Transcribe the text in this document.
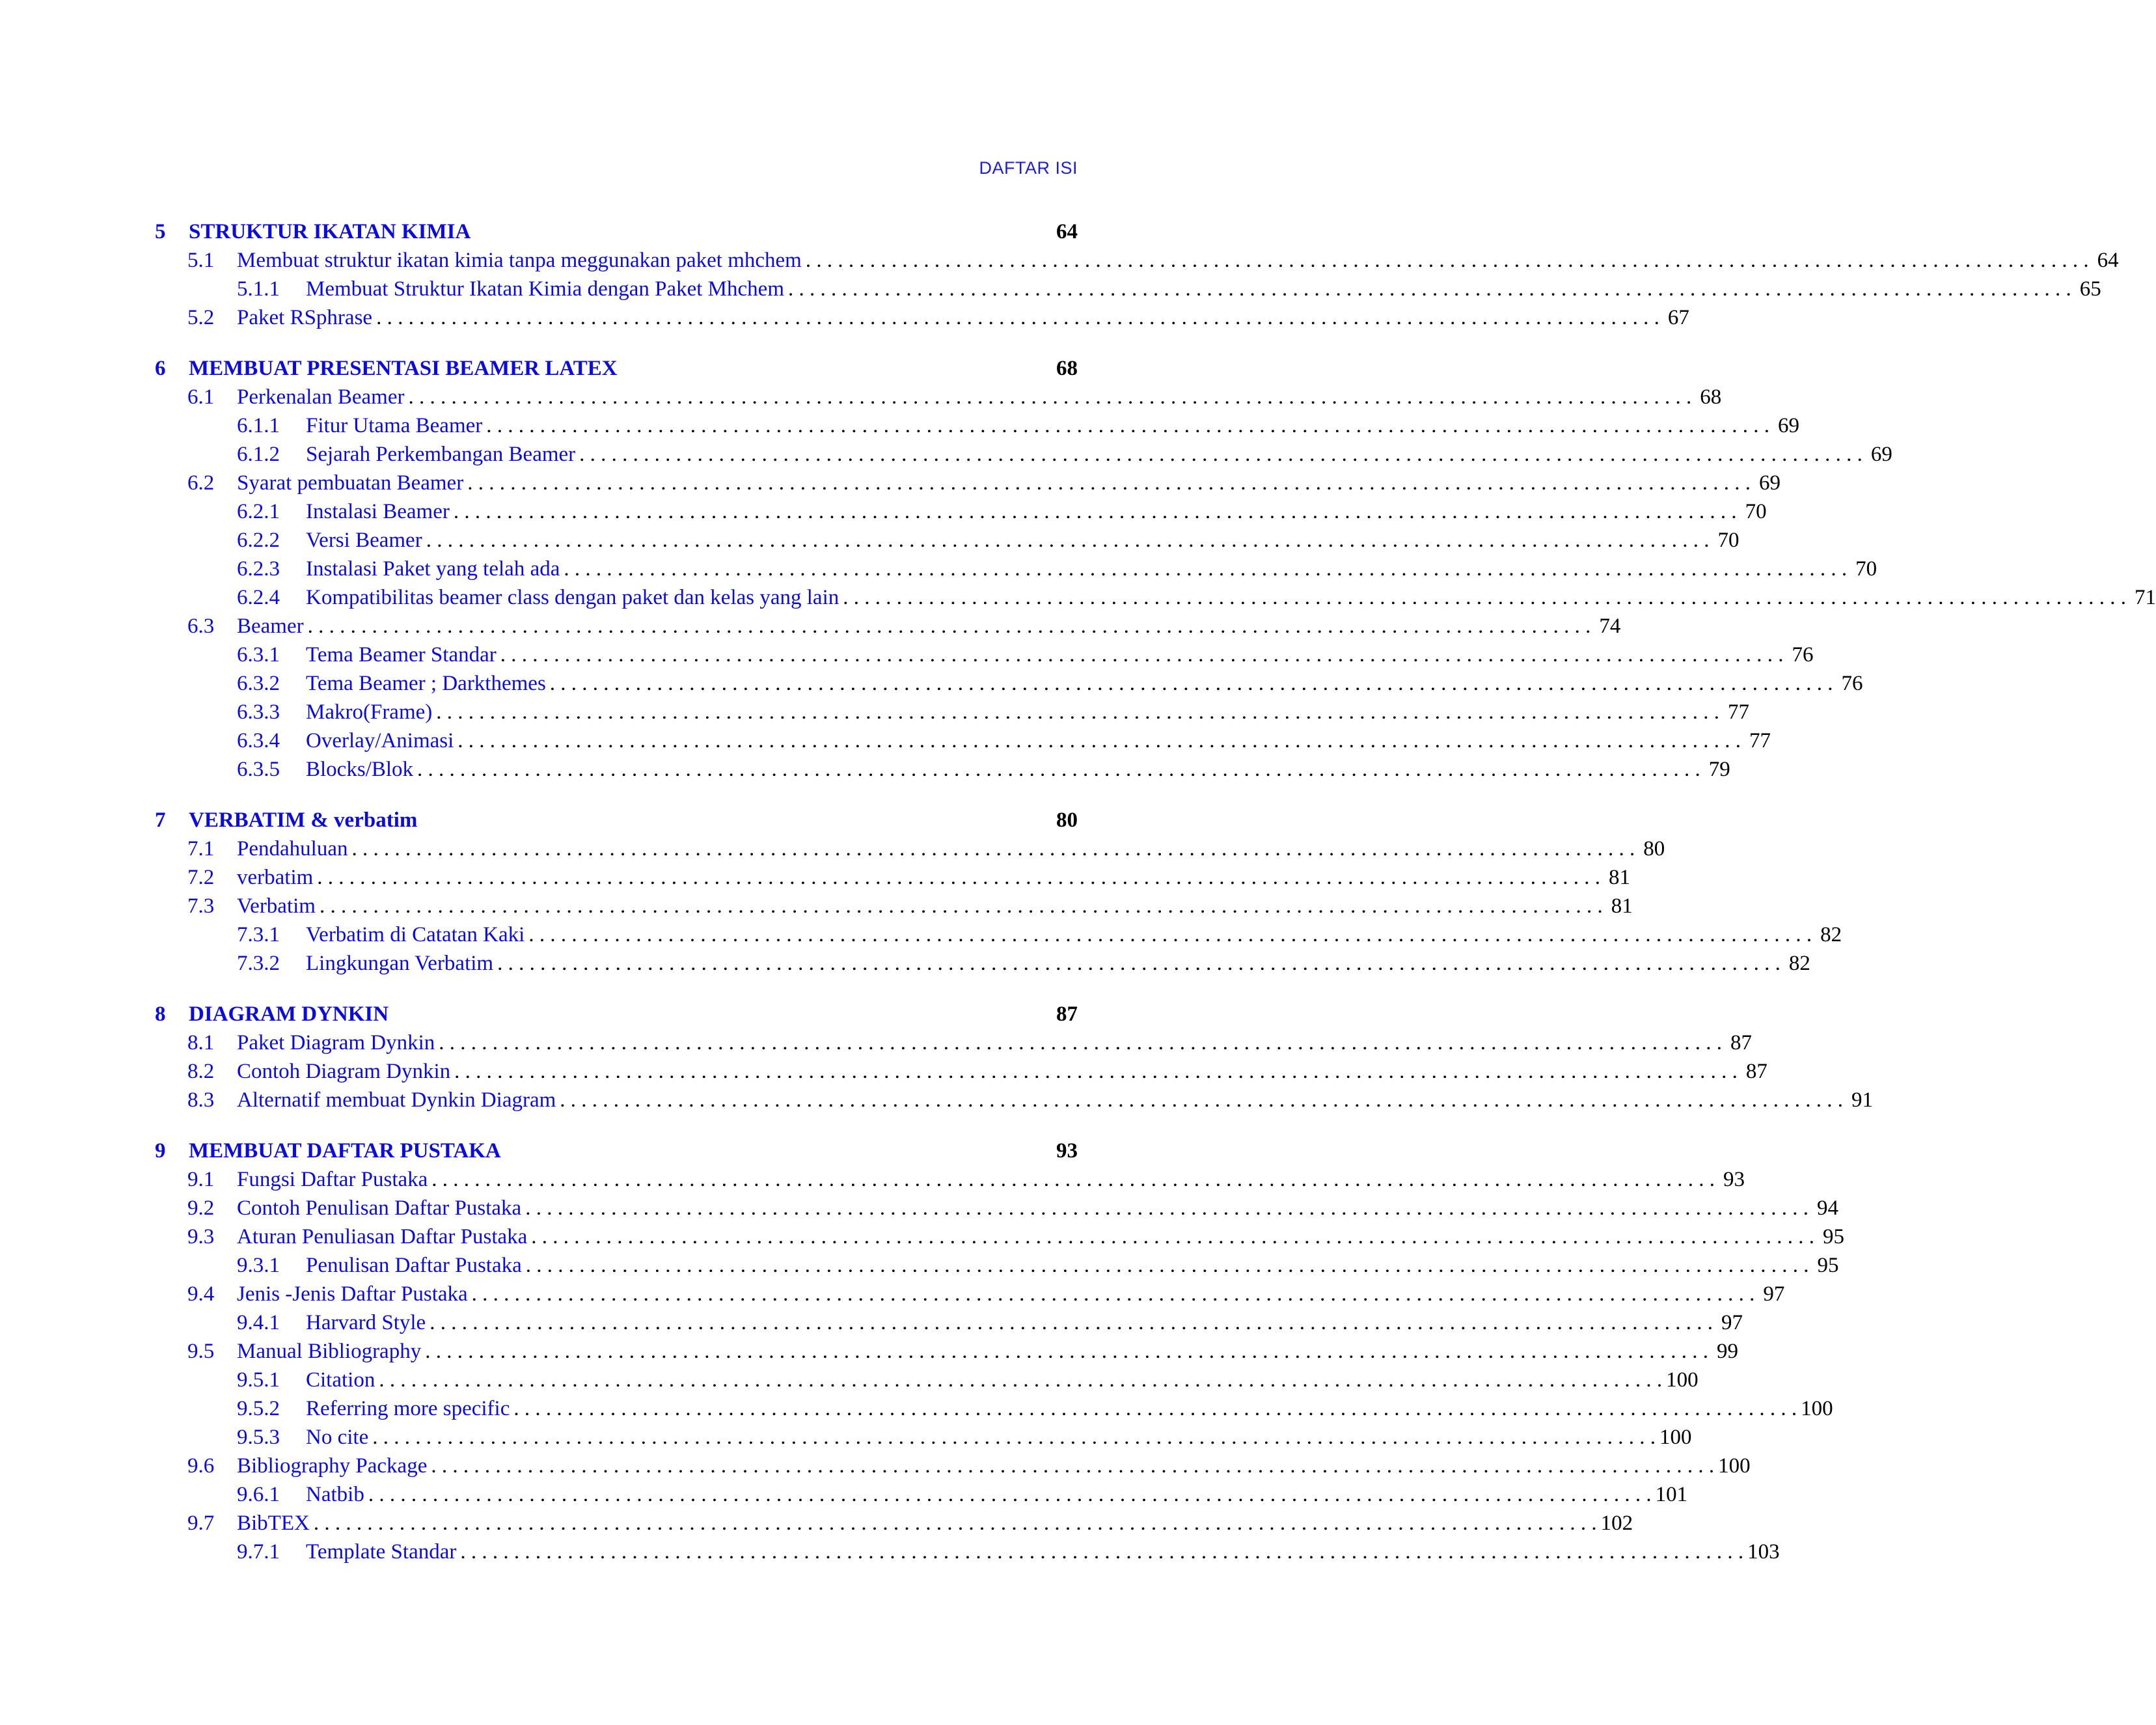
DAFTAR ISI
5	STRUKTUR IKATAN KIMIA	64
5.1	Membuat struktur ikatan kimia tanpa meggunakan paket mhchem . . . . . . . . . . . . . . . . . . . . . . . . . . . . . . . . . . . . . . . . . . . . . . . . . . . . . . . . . . . . . . . . . . . . . . . . . . . . . . . . . . . . . . . . . . . . . . . . . . . . . . . . . . . . . . . . . . . . . . . . 64
5.1.1	Membuat Struktur Ikatan Kimia dengan Paket Mhchem . . . . . . . . . . . . . . . . . . . . . . . . . . . . . . . . . . . . . . . . . . . . . . . . . . . . . . . . . . . . . . . . . . . . . . . . . . . . . . . . . . . . . . . . . . . . . . . . . . . . . . . . . . . . . . . . . . . . . . . . 65
5.2	Paket RSphrase . . . . . . . . . . . . . . . . . . . . . . . . . . . . . . . . . . . . . . . . . . . . . . . . . . . . . . . . . . . . . . . . . . . . . . . . . . . . . . . . . . . . . . . . . . . . . . . . . . . . . . . . . . . . . . . . . . . . . . . . 67
6	MEMBUAT PRESENTASI BEAMER LATEX	68
6.1	Perkenalan Beamer . . . . . . . . . . . . . . . . . . . . . . . . . . . . . . . . . . . . . . . . . . . . . . . . . . . . . . . . . . . . . . . . . . . . . . . . . . . . . . . . . . . . . . . . . . . . . . . . . . . . . . . . . . . . . . . . . . . . . . . . 68
6.1.1	Fitur Utama Beamer . . . . . . . . . . . . . . . . . . . . . . . . . . . . . . . . . . . . . . . . . . . . . . . . . . . . . . . . . . . . . . . . . . . . . . . . . . . . . . . . . . . . . . . . . . . . . . . . . . . . . . . . . . . . . . . . . . . . . . . . 69
6.1.2	Sejarah Perkembangan Beamer . . . . . . . . . . . . . . . . . . . . . . . . . . . . . . . . . . . . . . . . . . . . . . . . . . . . . . . . . . . . . . . . . . . . . . . . . . . . . . . . . . . . . . . . . . . . . . . . . . . . . . . . . . . . . . . . . . . . . . . . 69
6.2	Syarat pembuatan Beamer . . . . . . . . . . . . . . . . . . . . . . . . . . . . . . . . . . . . . . . . . . . . . . . . . . . . . . . . . . . . . . . . . . . . . . . . . . . . . . . . . . . . . . . . . . . . . . . . . . . . . . . . . . . . . . . . . . . . . . . . 69
6.2.1	Instalasi Beamer . . . . . . . . . . . . . . . . . . . . . . . . . . . . . . . . . . . . . . . . . . . . . . . . . . . . . . . . . . . . . . . . . . . . . . . . . . . . . . . . . . . . . . . . . . . . . . . . . . . . . . . . . . . . . . . . . . . . . . . . 70
6.2.2	Versi Beamer . . . . . . . . . . . . . . . . . . . . . . . . . . . . . . . . . . . . . . . . . . . . . . . . . . . . . . . . . . . . . . . . . . . . . . . . . . . . . . . . . . . . . . . . . . . . . . . . . . . . . . . . . . . . . . . . . . . . . . . . 70
6.2.3	Instalasi Paket yang telah ada . . . . . . . . . . . . . . . . . . . . . . . . . . . . . . . . . . . . . . . . . . . . . . . . . . . . . . . . . . . . . . . . . . . . . . . . . . . . . . . . . . . . . . . . . . . . . . . . . . . . . . . . . . . . . . . . . . . . . . . . 70
6.2.4	Kompatibilitas beamer class dengan paket dan kelas yang lain . . . . . . . . . . . . . . . . . . . . . . . . . . . . . . . . . . . . . . . . . . . . . . . . . . . . . . . . . . . . . . . . . . . . . . . . . . . . . . . . . . . . . . . . . . . . . . . . . . . . . . . . . . . . . . . . . . . . . . . . 71
6.3	Beamer . . . . . . . . . . . . . . . . . . . . . . . . . . . . . . . . . . . . . . . . . . . . . . . . . . . . . . . . . . . . . . . . . . . . . . . . . . . . . . . . . . . . . . . . . . . . . . . . . . . . . . . . . . . . . . . . . . . . . . . . 74
6.3.1	Tema Beamer Standar . . . . . . . . . . . . . . . . . . . . . . . . . . . . . . . . . . . . . . . . . . . . . . . . . . . . . . . . . . . . . . . . . . . . . . . . . . . . . . . . . . . . . . . . . . . . . . . . . . . . . . . . . . . . . . . . . . . . . . . . 76
6.3.2	Tema Beamer ; Darkthemes . . . . . . . . . . . . . . . . . . . . . . . . . . . . . . . . . . . . . . . . . . . . . . . . . . . . . . . . . . . . . . . . . . . . . . . . . . . . . . . . . . . . . . . . . . . . . . . . . . . . . . . . . . . . . . . . . . . . . . . . 76
6.3.3	Makro(Frame) . . . . . . . . . . . . . . . . . . . . . . . . . . . . . . . . . . . . . . . . . . . . . . . . . . . . . . . . . . . . . . . . . . . . . . . . . . . . . . . . . . . . . . . . . . . . . . . . . . . . . . . . . . . . . . . . . . . . . . . . 77
6.3.4	Overlay/Animasi . . . . . . . . . . . . . . . . . . . . . . . . . . . . . . . . . . . . . . . . . . . . . . . . . . . . . . . . . . . . . . . . . . . . . . . . . . . . . . . . . . . . . . . . . . . . . . . . . . . . . . . . . . . . . . . . . . . . . . . . 77
6.3.5	Blocks/Blok . . . . . . . . . . . . . . . . . . . . . . . . . . . . . . . . . . . . . . . . . . . . . . . . . . . . . . . . . . . . . . . . . . . . . . . . . . . . . . . . . . . . . . . . . . . . . . . . . . . . . . . . . . . . . . . . . . . . . . . . 79
7	VERBATIM & verbatim	80
7.1	Pendahuluan . . . . . . . . . . . . . . . . . . . . . . . . . . . . . . . . . . . . . . . . . . . . . . . . . . . . . . . . . . . . . . . . . . . . . . . . . . . . . . . . . . . . . . . . . . . . . . . . . . . . . . . . . . . . . . . . . . . . . . . . 80
7.2	verbatim . . . . . . . . . . . . . . . . . . . . . . . . . . . . . . . . . . . . . . . . . . . . . . . . . . . . . . . . . . . . . . . . . . . . . . . . . . . . . . . . . . . . . . . . . . . . . . . . . . . . . . . . . . . . . . . . . . . . . . . . 81
7.3	Verbatim . . . . . . . . . . . . . . . . . . . . . . . . . . . . . . . . . . . . . . . . . . . . . . . . . . . . . . . . . . . . . . . . . . . . . . . . . . . . . . . . . . . . . . . . . . . . . . . . . . . . . . . . . . . . . . . . . . . . . . . . 81
7.3.1	Verbatim di Catatan Kaki . . . . . . . . . . . . . . . . . . . . . . . . . . . . . . . . . . . . . . . . . . . . . . . . . . . . . . . . . . . . . . . . . . . . . . . . . . . . . . . . . . . . . . . . . . . . . . . . . . . . . . . . . . . . . . . . . . . . . . . . 82
7.3.2	Lingkungan Verbatim . . . . . . . . . . . . . . . . . . . . . . . . . . . . . . . . . . . . . . . . . . . . . . . . . . . . . . . . . . . . . . . . . . . . . . . . . . . . . . . . . . . . . . . . . . . . . . . . . . . . . . . . . . . . . . . . . . . . . . . . 82
8	DIAGRAM DYNKIN	87
8.1	Paket Diagram Dynkin . . . . . . . . . . . . . . . . . . . . . . . . . . . . . . . . . . . . . . . . . . . . . . . . . . . . . . . . . . . . . . . . . . . . . . . . . . . . . . . . . . . . . . . . . . . . . . . . . . . . . . . . . . . . . . . . . . . . . . . . 87
8.2	Contoh Diagram Dynkin . . . . . . . . . . . . . . . . . . . . . . . . . . . . . . . . . . . . . . . . . . . . . . . . . . . . . . . . . . . . . . . . . . . . . . . . . . . . . . . . . . . . . . . . . . . . . . . . . . . . . . . . . . . . . . . . . . . . . . . . 87
8.3	Alternatif membuat Dynkin Diagram . . . . . . . . . . . . . . . . . . . . . . . . . . . . . . . . . . . . . . . . . . . . . . . . . . . . . . . . . . . . . . . . . . . . . . . . . . . . . . . . . . . . . . . . . . . . . . . . . . . . . . . . . . . . . . . . . . . . . . . . 91
9	MEMBUAT DAFTAR PUSTAKA	93
9.1	Fungsi Daftar Pustaka . . . . . . . . . . . . . . . . . . . . . . . . . . . . . . . . . . . . . . . . . . . . . . . . . . . . . . . . . . . . . . . . . . . . . . . . . . . . . . . . . . . . . . . . . . . . . . . . . . . . . . . . . . . . . . . . . . . . . . . . 93
9.2	Contoh Penulisan Daftar Pustaka . . . . . . . . . . . . . . . . . . . . . . . . . . . . . . . . . . . . . . . . . . . . . . . . . . . . . . . . . . . . . . . . . . . . . . . . . . . . . . . . . . . . . . . . . . . . . . . . . . . . . . . . . . . . . . . . . . . . . . . . 94
9.3	Aturan Penuliasan Daftar Pustaka . . . . . . . . . . . . . . . . . . . . . . . . . . . . . . . . . . . . . . . . . . . . . . . . . . . . . . . . . . . . . . . . . . . . . . . . . . . . . . . . . . . . . . . . . . . . . . . . . . . . . . . . . . . . . . . . . . . . . . . . 95
9.3.1	Penulisan Daftar Pustaka . . . . . . . . . . . . . . . . . . . . . . . . . . . . . . . . . . . . . . . . . . . . . . . . . . . . . . . . . . . . . . . . . . . . . . . . . . . . . . . . . . . . . . . . . . . . . . . . . . . . . . . . . . . . . . . . . . . . . . . . 95
9.4	Jenis -Jenis Daftar Pustaka . . . . . . . . . . . . . . . . . . . . . . . . . . . . . . . . . . . . . . . . . . . . . . . . . . . . . . . . . . . . . . . . . . . . . . . . . . . . . . . . . . . . . . . . . . . . . . . . . . . . . . . . . . . . . . . . . . . . . . . . 97
9.4.1	Harvard Style . . . . . . . . . . . . . . . . . . . . . . . . . . . . . . . . . . . . . . . . . . . . . . . . . . . . . . . . . . . . . . . . . . . . . . . . . . . . . . . . . . . . . . . . . . . . . . . . . . . . . . . . . . . . . . . . . . . . . . . . 97
9.5	Manual Bibliography . . . . . . . . . . . . . . . . . . . . . . . . . . . . . . . . . . . . . . . . . . . . . . . . . . . . . . . . . . . . . . . . . . . . . . . . . . . . . . . . . . . . . . . . . . . . . . . . . . . . . . . . . . . . . . . . . . . . . . . . 99
9.5.1	Citation . . . . . . . . . . . . . . . . . . . . . . . . . . . . . . . . . . . . . . . . . . . . . . . . . . . . . . . . . . . . . . . . . . . . . . . . . . . . . . . . . . . . . . . . . . . . . . . . . . . . . . . . . . . . . . . . . . . . . . . . 100
9.5.2	Referring more specific . . . . . . . . . . . . . . . . . . . . . . . . . . . . . . . . . . . . . . . . . . . . . . . . . . . . . . . . . . . . . . . . . . . . . . . . . . . . . . . . . . . . . . . . . . . . . . . . . . . . . . . . . . . . . . . . . . . . . . . . 100
9.5.3	No cite . . . . . . . . . . . . . . . . . . . . . . . . . . . . . . . . . . . . . . . . . . . . . . . . . . . . . . . . . . . . . . . . . . . . . . . . . . . . . . . . . . . . . . . . . . . . . . . . . . . . . . . . . . . . . . . . . . . . . . . . 100
9.6	Bibliography Package . . . . . . . . . . . . . . . . . . . . . . . . . . . . . . . . . . . . . . . . . . . . . . . . . . . . . . . . . . . . . . . . . . . . . . . . . . . . . . . . . . . . . . . . . . . . . . . . . . . . . . . . . . . . . . . . . . . . . . . . 100
9.6.1	Natbib . . . . . . . . . . . . . . . . . . . . . . . . . . . . . . . . . . . . . . . . . . . . . . . . . . . . . . . . . . . . . . . . . . . . . . . . . . . . . . . . . . . . . . . . . . . . . . . . . . . . . . . . . . . . . . . . . . . . . . . . 101
9.7	BibTEX . . . . . . . . . . . . . . . . . . . . . . . . . . . . . . . . . . . . . . . . . . . . . . . . . . . . . . . . . . . . . . . . . . . . . . . . . . . . . . . . . . . . . . . . . . . . . . . . . . . . . . . . . . . . . . . . . . . . . . . . 102
9.7.1	Template Standar . . . . . . . . . . . . . . . . . . . . . . . . . . . . . . . . . . . . . . . . . . . . . . . . . . . . . . . . . . . . . . . . . . . . . . . . . . . . . . . . . . . . . . . . . . . . . . . . . . . . . . . . . . . . . . . . . . . . . . . . 103
